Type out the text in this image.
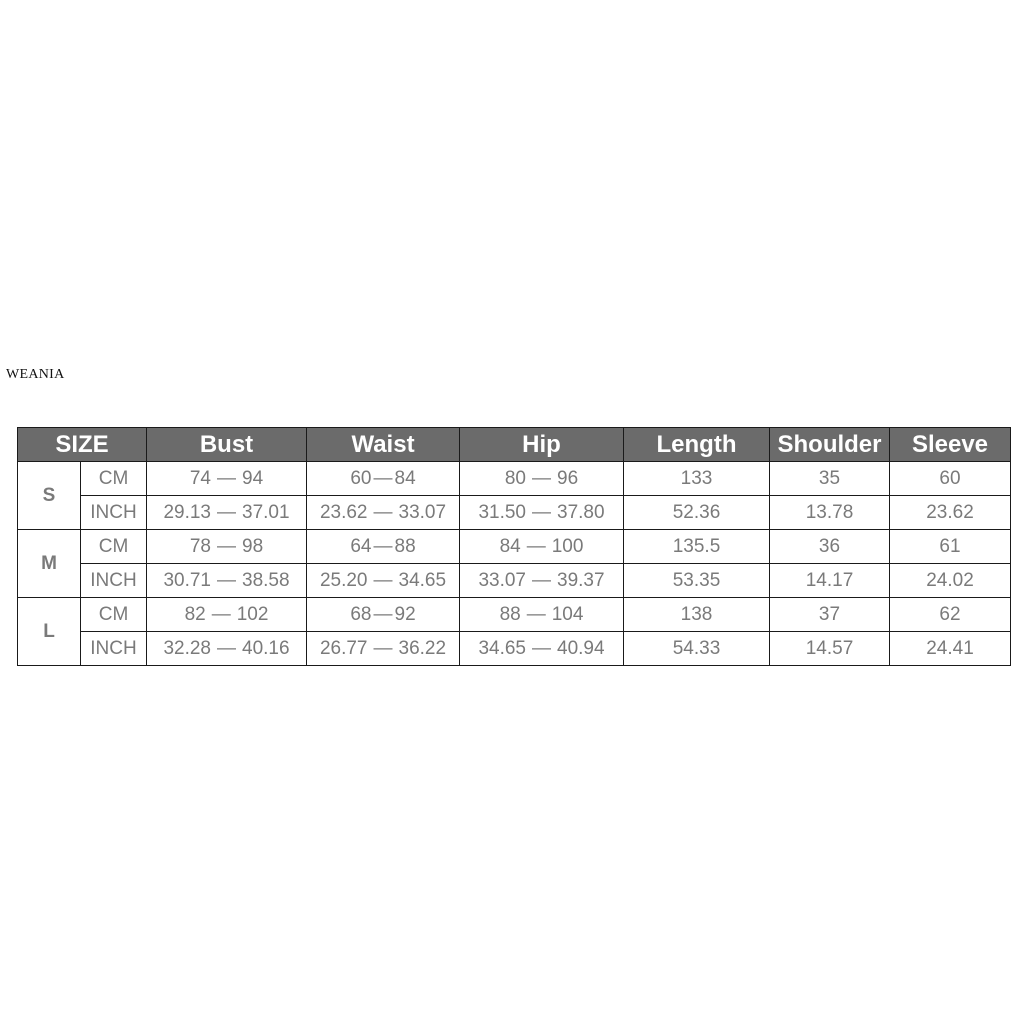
WEANIA
SIZE		Bust	Waist	Hip	Length	Shoulder	Sleeve
S	CM	74 — 94	60 — 84	80 — 96	133	35	60
	INCH	29.13 — 37.01	23.62 — 33.07	31.50 — 37.80	52.36	13.78	23.62
M	CM	78 — 98	64 — 88	84 — 100	135.5	36	61
	INCH	30.71 — 38.58	25.20 — 34.65	33.07 — 39.37	53.35	14.17	24.02
L	CM	82 — 102	68 — 92	88 — 104	138	37	62
	INCH	32.28 — 40.16	26.77 — 36.22	34.65 — 40.94	54.33	14.57	24.41
